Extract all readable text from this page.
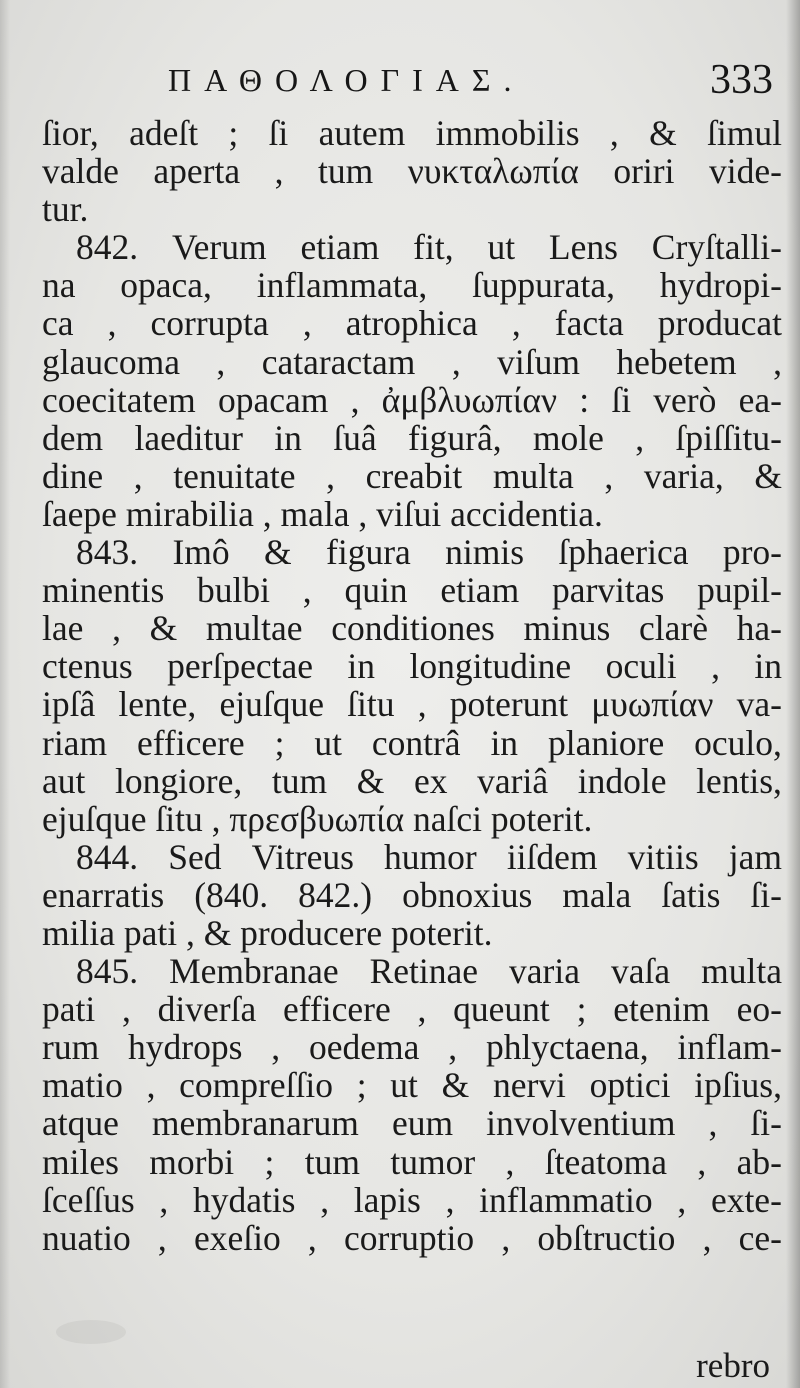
ΠΑΘΟΛΟΓΙΑΣ.	333
ſior, adeſt ; ſi autem immobilis , & ſimul
valde aperta , tum νυκταλωπία oriri vide-
tur.
842. Verum etiam fit, ut Lens Cryſtalli-
na opaca, inflammata, ſuppurata, hydropi-
ca , corrupta , atrophica , facta producat
glaucoma , cataractam , viſum hebetem ,
coecitatem opacam , ἀμβλυωπίαν : ſi verò ea-
dem laeditur in ſuâ figurâ, mole , ſpiſſitu-
dine , tenuitate , creabit multa , varia, &
ſaepe mirabilia , mala , viſui accidentia.
843. Imô & figura nimis ſphaerica pro-
minentis bulbi , quin etiam parvitas pupil-
lae , & multae conditiones minus clarè ha-
ctenus perſpectae in longitudine oculi , in
ipſâ lente, ejuſque ſitu , poterunt μυωπίαν va-
riam efficere ; ut contrâ in planiore oculo,
aut longiore, tum & ex variâ indole lentis,
ejuſque ſitu , πρεσβυωπία naſci poterit.
844. Sed Vitreus humor iiſdem vitiis jam
enarratis (840. 842.) obnoxius mala ſatis ſi-
milia pati , & producere poterit.
845. Membranae Retinae varia vaſa multa
pati , diverſa efficere , queunt ; etenim eo-
rum hydrops , oedema , phlyctaena, inflam-
matio , compreſſio ; ut & nervi optici ipſius,
atque membranarum eum involventium , ſi-
miles morbi ; tum tumor , ſteatoma , ab-
ſceſſus , hydatis , lapis , inflammatio , exte-
nuatio , exeſio , corruptio , obſtructio , ce-
rebro
